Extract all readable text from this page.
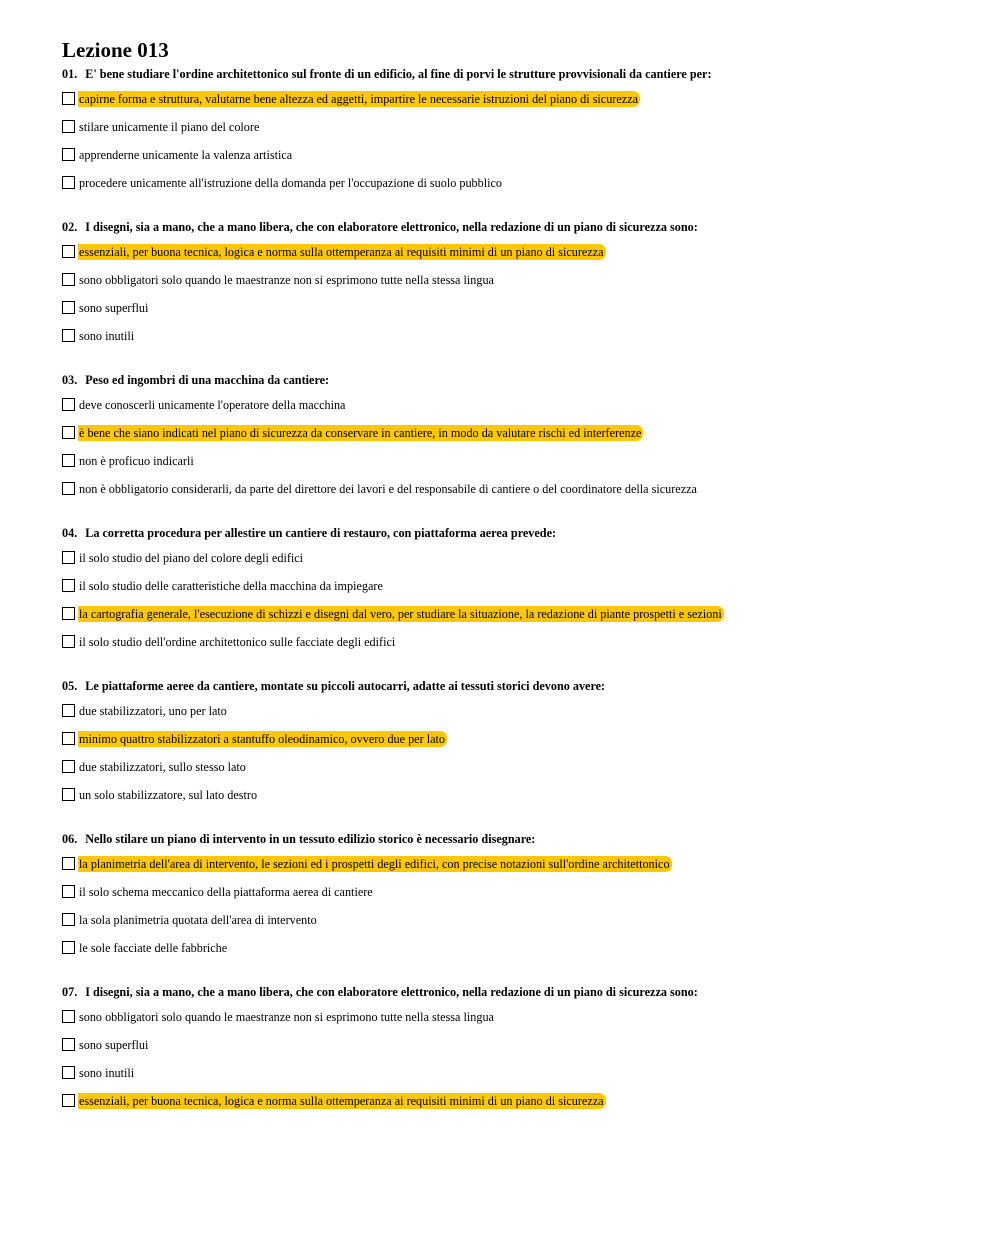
Lezione 013
01. E' bene studiare l'ordine architettonico sul fronte di un edificio, al fine di porvi le strutture provvisionali da cantiere per:
capirne forma e struttura, valutarne bene altezza ed aggetti, impartire le necessarie istruzioni del piano di sicurezza
stilare unicamente il piano del colore
apprenderne unicamente la valenza artistica
procedere unicamente all'istruzione della domanda per l'occupazione di suolo pubblico
02. I disegni, sia a mano, che a mano libera, che con elaboratore elettronico, nella redazione di un piano di sicurezza sono:
essenziali, per buona tecnica, logica e norma sulla ottemperanza ai requisiti minimi di un piano di sicurezza
sono obbligatori solo quando le maestranze non si esprimono tutte nella stessa lingua
sono superflui
sono inutili
03. Peso ed ingombri di una macchina da cantiere:
deve conoscerli unicamente l'operatore della macchina
è bene che siano indicati nel piano di sicurezza da conservare in cantiere, in modo da valutare rischi ed interferenze
non è proficuo indicarli
non è obbligatorio considerarli, da parte del direttore dei lavori e del responsabile di cantiere o del coordinatore della sicurezza
04. La corretta procedura per allestire un cantiere di restauro, con piattaforma aerea prevede:
il solo studio del piano del colore degli edifici
il solo studio delle caratteristiche della macchina da impiegare
la cartografia generale, l'esecuzione di schizzi e disegni dal vero, per studiare la situazione, la redazione di piante prospetti e sezioni
il solo studio dell'ordine architettonico sulle facciate degli edifici
05. Le piattaforme aeree da cantiere, montate su piccoli autocarri, adatte ai tessuti storici devono avere:
due stabilizzatori, uno per lato
minimo quattro stabilizzatori a stantuffo oleodinamico, ovvero due per lato
due stabilizzatori, sullo stesso lato
un solo stabilizzatore, sul lato destro
06. Nello stilare un piano di intervento in un tessuto edilizio storico è necessario disegnare:
la planimetria dell'area di intervento, le sezioni ed i prospetti degli edifici, con precise notazioni sull'ordine architettonico
il solo schema meccanico della piattaforma aerea di cantiere
la sola planimetria quotata dell'area di intervento
le sole facciate delle fabbriche
07. I disegni, sia a mano, che a mano libera, che con elaboratore elettronico, nella redazione di un piano di sicurezza sono:
sono obbligatori solo quando le maestranze non si esprimono tutte nella stessa lingua
sono superflui
sono inutili
essenziali, per buona tecnica, logica e norma sulla ottemperanza ai requisiti minimi di un piano di sicurezza
